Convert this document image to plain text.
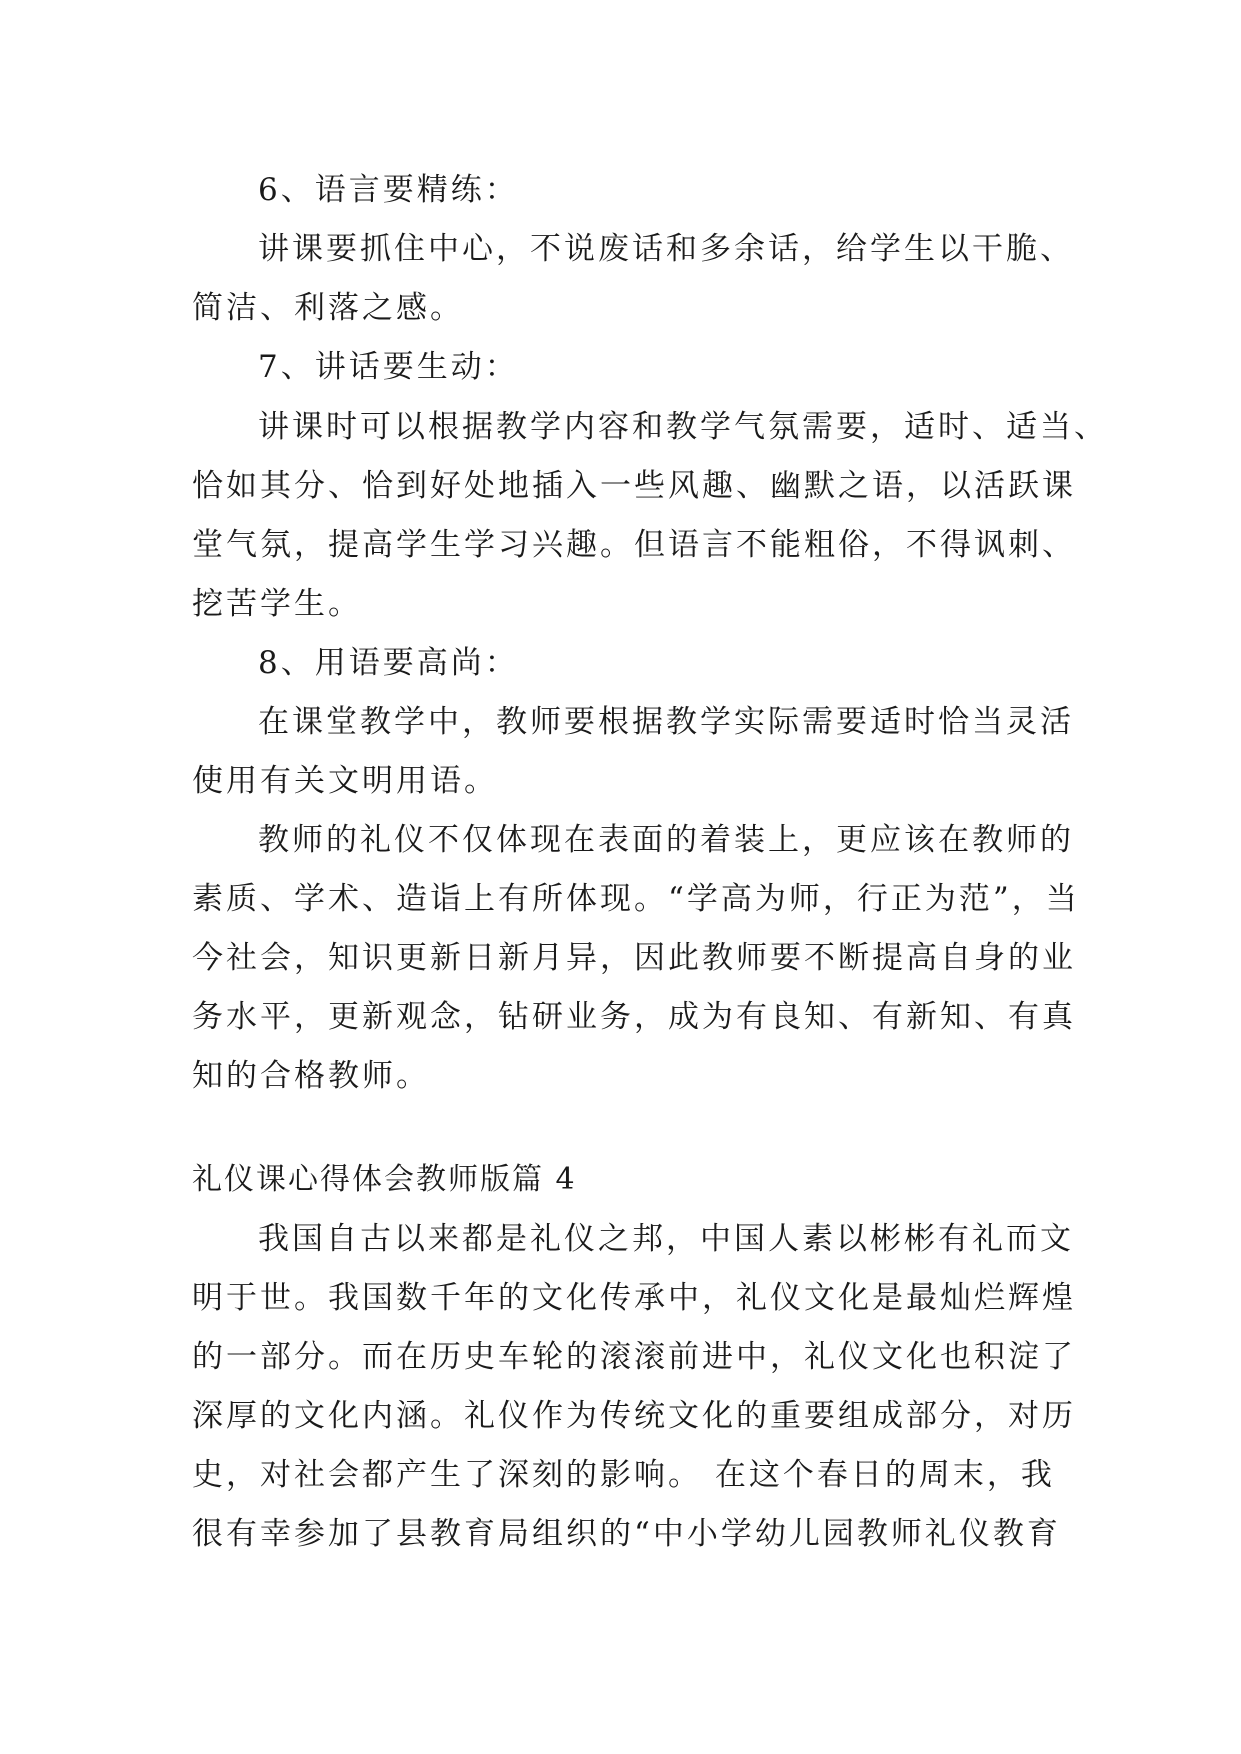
6、语言要精练：
讲课要抓住中心，不说废话和多余话，给学生以干脆、
简洁、利落之感。
7、讲话要生动：
讲课时可以根据教学内容和教学气氛需要，适时、适当、
恰如其分、恰到好处地插入一些风趣、幽默之语，以活跃课
堂气氛，提高学生学习兴趣。但语言不能粗俗，不得讽刺、
挖苦学生。
8、用语要高尚：
在课堂教学中，教师要根据教学实际需要适时恰当灵活
使用有关文明用语。
教师的礼仪不仅体现在表面的着装上，更应该在教师的
素质、学术、造诣上有所体现。“学高为师，行正为范”，当
今社会，知识更新日新月异，因此教师要不断提高自身的业
务水平，更新观念，钻研业务，成为有良知、有新知、有真
知的合格教师。
礼仪课心得体会教师版篇 4
我国自古以来都是礼仪之邦，中国人素以彬彬有礼而文
明于世。我国数千年的文化传承中，礼仪文化是最灿烂辉煌
的一部分。而在历史车轮的滚滚前进中，礼仪文化也积淀了
深厚的文化内涵。礼仪作为传统文化的重要组成部分，对历
史，对社会都产生了深刻的影响。 在这个春日的周末，我
很有幸参加了县教育局组织的“中小学幼儿园教师礼仪教育
